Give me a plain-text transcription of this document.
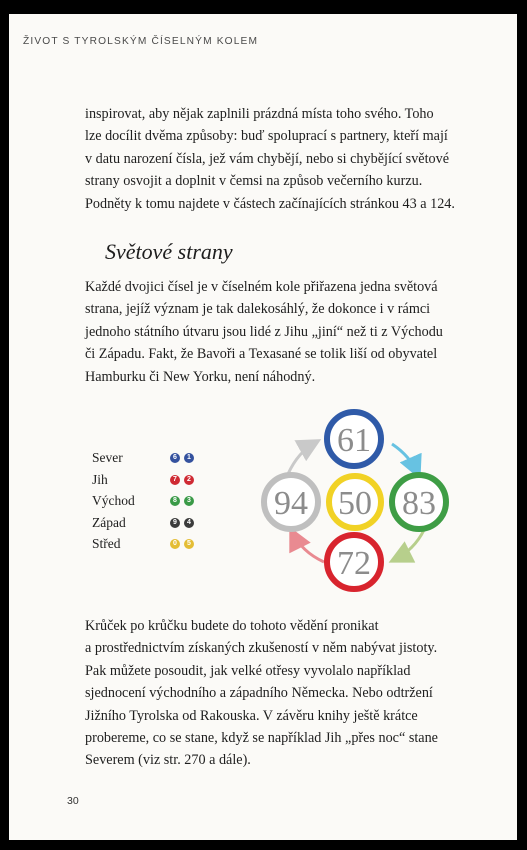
ŽIVOT S TYROLSKÝM ČÍSELNÝM KOLEM
inspirovat, aby nějak zaplnili prázdná místa toho svého. Toho
lze docílit dvěma způsoby: buď spoluprací s partnery, kteří mají
v datu narození čísla, jež vám chybějí, nebo si chybějící světové
strany osvojit a doplnit v čemsi na způsob večerního kurzu.
Podněty k tomu najdete v částech začínajících stránkou 43 a 124.
Světové strany
Každé dvojici čísel je v číselném kole přiřazena jedna světová
strana, jejíž význam je tak dalekosáhlý, že dokonce i v rámci
jednoho státního útvaru jsou lidé z Jihu „jiní“ než ti z Východu
či Západu. Fakt, že Bavoři a Texasané se tolik liší od obyvatel
Hamburku či New Yorku, není náhodný.
Sever	6	1
Jih	7	2
Východ	8	3
Západ	9	4
Střed	0	5
61
83
72
94 50
Krůček po krůčku budete do tohoto vědění pronikat
a prostřednictvím získaných zkušeností v něm nabývat jistoty.
Pak můžete posoudit, jak velké otřesy vyvolalo například
sjednocení východního a západního Německa. Nebo odtržení
Jižního Tyrolska od Rakouska. V závěru knihy ještě krátce
probereme, co se stane, když se například Jih „přes noc“ stane
Severem (viz str. 270 a dále).
30
